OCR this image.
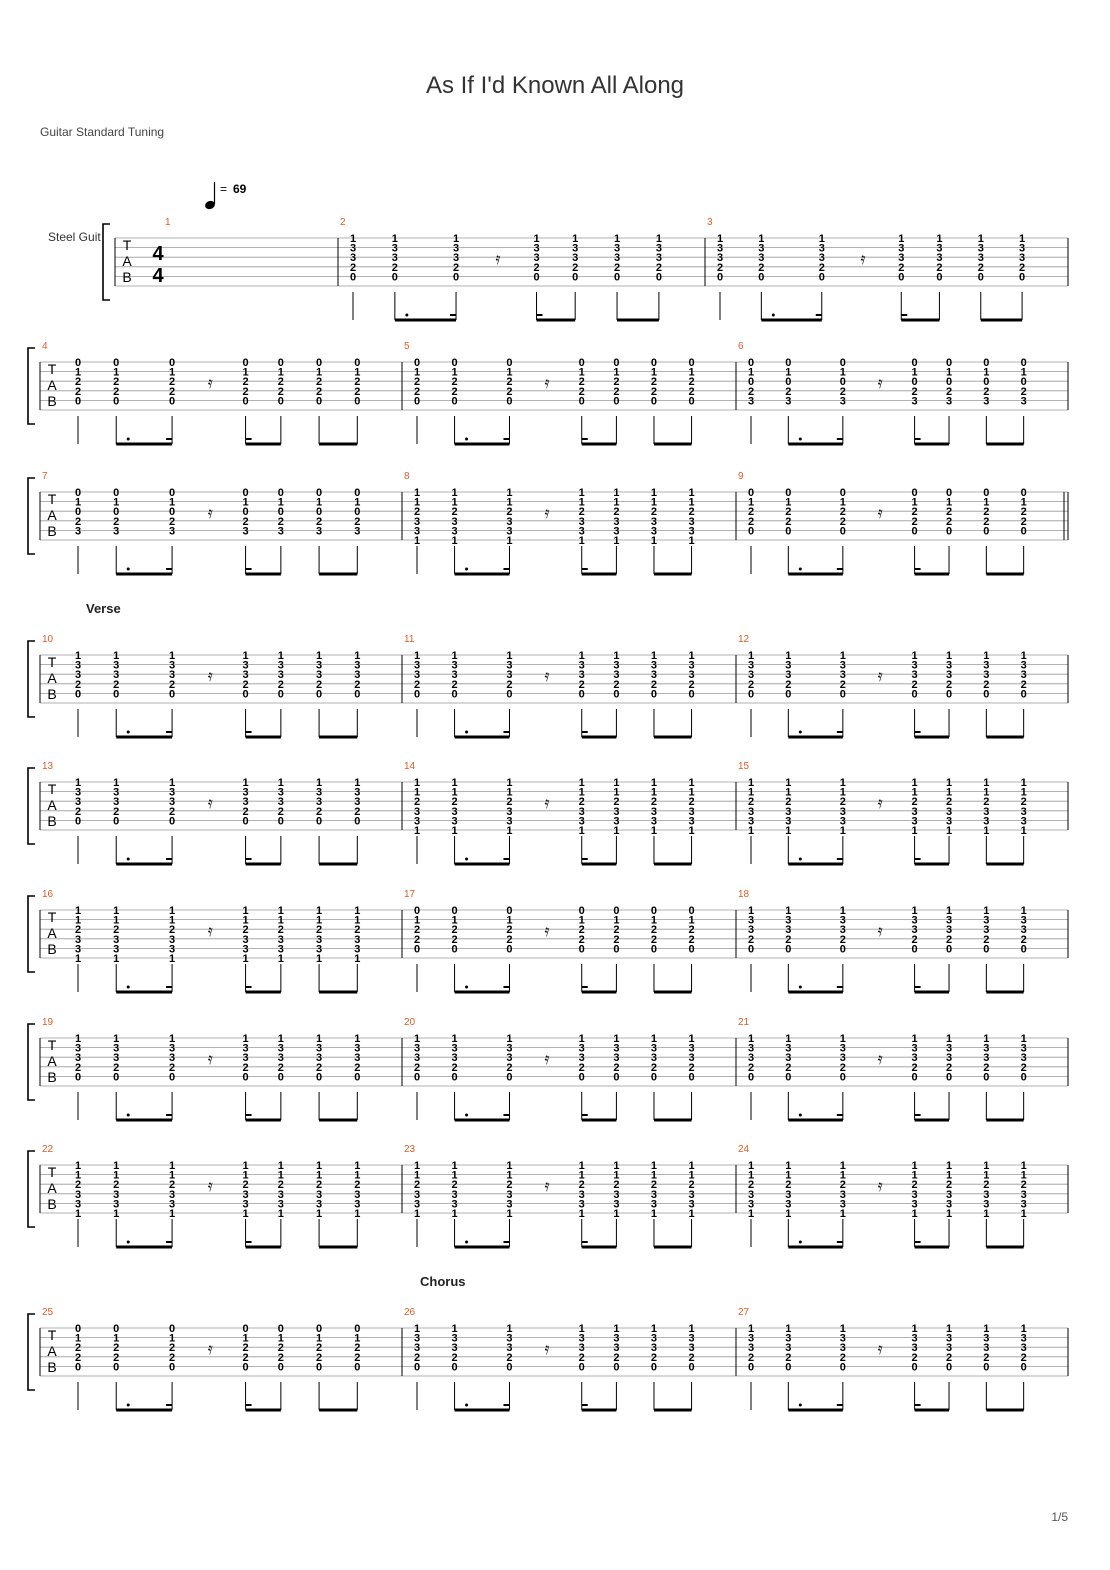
As If I'd Known All Along
Guitar Standard Tuning
1/5
T
A
B
Steel Guit
4
4
= 69
1	2
1
3
3
2
0
1
3
3
2
0
1
3
3
2
0
1
3
3
2
0
1
3
3
2
0
1
3
3
2
0
1
3
3
2
0
𝄿
3
1
3
3
2
0
1
3
3
2
0
1
3
3
2
0
1
3
3
2
0
1
3
3
2
0
1
3
3
2
0
1
3
3
2
0
𝄿
T
A
B
4
0
1
2
2
0
0
1
2
2
0
0
1
2
2
0
0
1
2
2
0
0
1
2
2
0
0
1
2
2
0
0
1
2
2
0
𝄿
5
0
1
2
2
0
0
1
2
2
0
0
1
2
2
0
0
1
2
2
0
0
1
2
2
0
0
1
2
2
0
0
1
2
2
0
𝄿
6
0
1
0
2
3
0
1
0
2
3
0
1
0
2
3
0
1
0
2
3
0
1
0
2
3
0
1
0
2
3
0
1
0
2
3
𝄿
T
A
B
7
0
1
0
2
3
0
1
0
2
3
0
1
0
2
3
0
1
0
2
3
0
1
0
2
3
0
1
0
2
3
0
1
0
2
3
𝄿
8
1
1
2
3
3
1
1
1
2
3
3
1
1
1
2
3
3
1
1
1
2
3
3
1
1
1
2
3
3
1
1
1
2
3
3
1
1
1
2
3
3
1
𝄿
9
0
1
2
2
0
0
1
2
2
0
0
1
2
2
0
0
1
2
2
0
0
1
2
2
0
0
1
2
2
0
0
1
2
2
0
𝄿
T
A
B
10
Verse
1
3
3
2
0
1
3
3
2
0
1
3
3
2
0
1
3
3
2
0
1
3
3
2
0
1
3
3
2
0
1
3
3
2
0
𝄿
11
1
3
3
2
0
1
3
3
2
0
1
3
3
2
0
1
3
3
2
0
1
3
3
2
0
1
3
3
2
0
1
3
3
2
0
𝄿
12
1
3
3
2
0
1
3
3
2
0
1
3
3
2
0
1
3
3
2
0
1
3
3
2
0
1
3
3
2
0
1
3
3
2
0
𝄿
T
A
B
13
1
3
3
2
0
1
3
3
2
0
1
3
3
2
0
1
3
3
2
0
1
3
3
2
0
1
3
3
2
0
1
3
3
2
0
𝄿
14
1
1
2
3
3
1
1
1
2
3
3
1
1
1
2
3
3
1
1
1
2
3
3
1
1
1
2
3
3
1
1
1
2
3
3
1
1
1
2
3
3
1
𝄿
15
1
1
2
3
3
1
1
1
2
3
3
1
1
1
2
3
3
1
1
1
2
3
3
1
1
1
2
3
3
1
1
1
2
3
3
1
1
1
2
3
3
1
𝄿
T
A
B
16
1
1
2
3
3
1
1
1
2
3
3
1
1
1
2
3
3
1
1
1
2
3
3
1
1
1
2
3
3
1
1
1
2
3
3
1
1
1
2
3
3
1
𝄿
17
0
1
2
2
0
0
1
2
2
0
0
1
2
2
0
0
1
2
2
0
0
1
2
2
0
0
1
2
2
0
0
1
2
2
0
𝄿
18
1
3
3
2
0
1
3
3
2
0
1
3
3
2
0
1
3
3
2
0
1
3
3
2
0
1
3
3
2
0
1
3
3
2
0
𝄿
T
A
B
19
1
3
3
2
0
1
3
3
2
0
1
3
3
2
0
1
3
3
2
0
1
3
3
2
0
1
3
3
2
0
1
3
3
2
0
𝄿
20
1
3
3
2
0
1
3
3
2
0
1
3
3
2
0
1
3
3
2
0
1
3
3
2
0
1
3
3
2
0
1
3
3
2
0
𝄿
21
1
3
3
2
0
1
3
3
2
0
1
3
3
2
0
1
3
3
2
0
1
3
3
2
0
1
3
3
2
0
1
3
3
2
0
𝄿
T
A
B
22
1
1
2
3
3
1
1
1
2
3
3
1
1
1
2
3
3
1
1
1
2
3
3
1
1
1
2
3
3
1
1
1
2
3
3
1
1
1
2
3
3
1
𝄿
23
1
1
2
3
3
1
1
1
2
3
3
1
1
1
2
3
3
1
1
1
2
3
3
1
1
1
2
3
3
1
1
1
2
3
3
1
1
1
2
3
3
1
𝄿
24
1
1
2
3
3
1
1
1
2
3
3
1
1
1
2
3
3
1
1
1
2
3
3
1
1
1
2
3
3
1
1
1
2
3
3
1
1
1
2
3
3
1
𝄿
T
A
B
25
0
1
2
2
0
0
1
2
2
0
0
1
2
2
0
0
1
2
2
0
0
1
2
2
0
0
1
2
2
0
0
1
2
2
0
𝄿
26
Chorus
1
3
3
2
0
1
3
3
2
0
1
3
3
2
0
1
3
3
2
0
1
3
3
2
0
1
3
3
2
0
1
3
3
2
0
𝄿
27
1
3
3
2
0
1
3
3
2
0
1
3
3
2
0
1
3
3
2
0
1
3
3
2
0
1
3
3
2
0
1
3
3
2
0
𝄿
